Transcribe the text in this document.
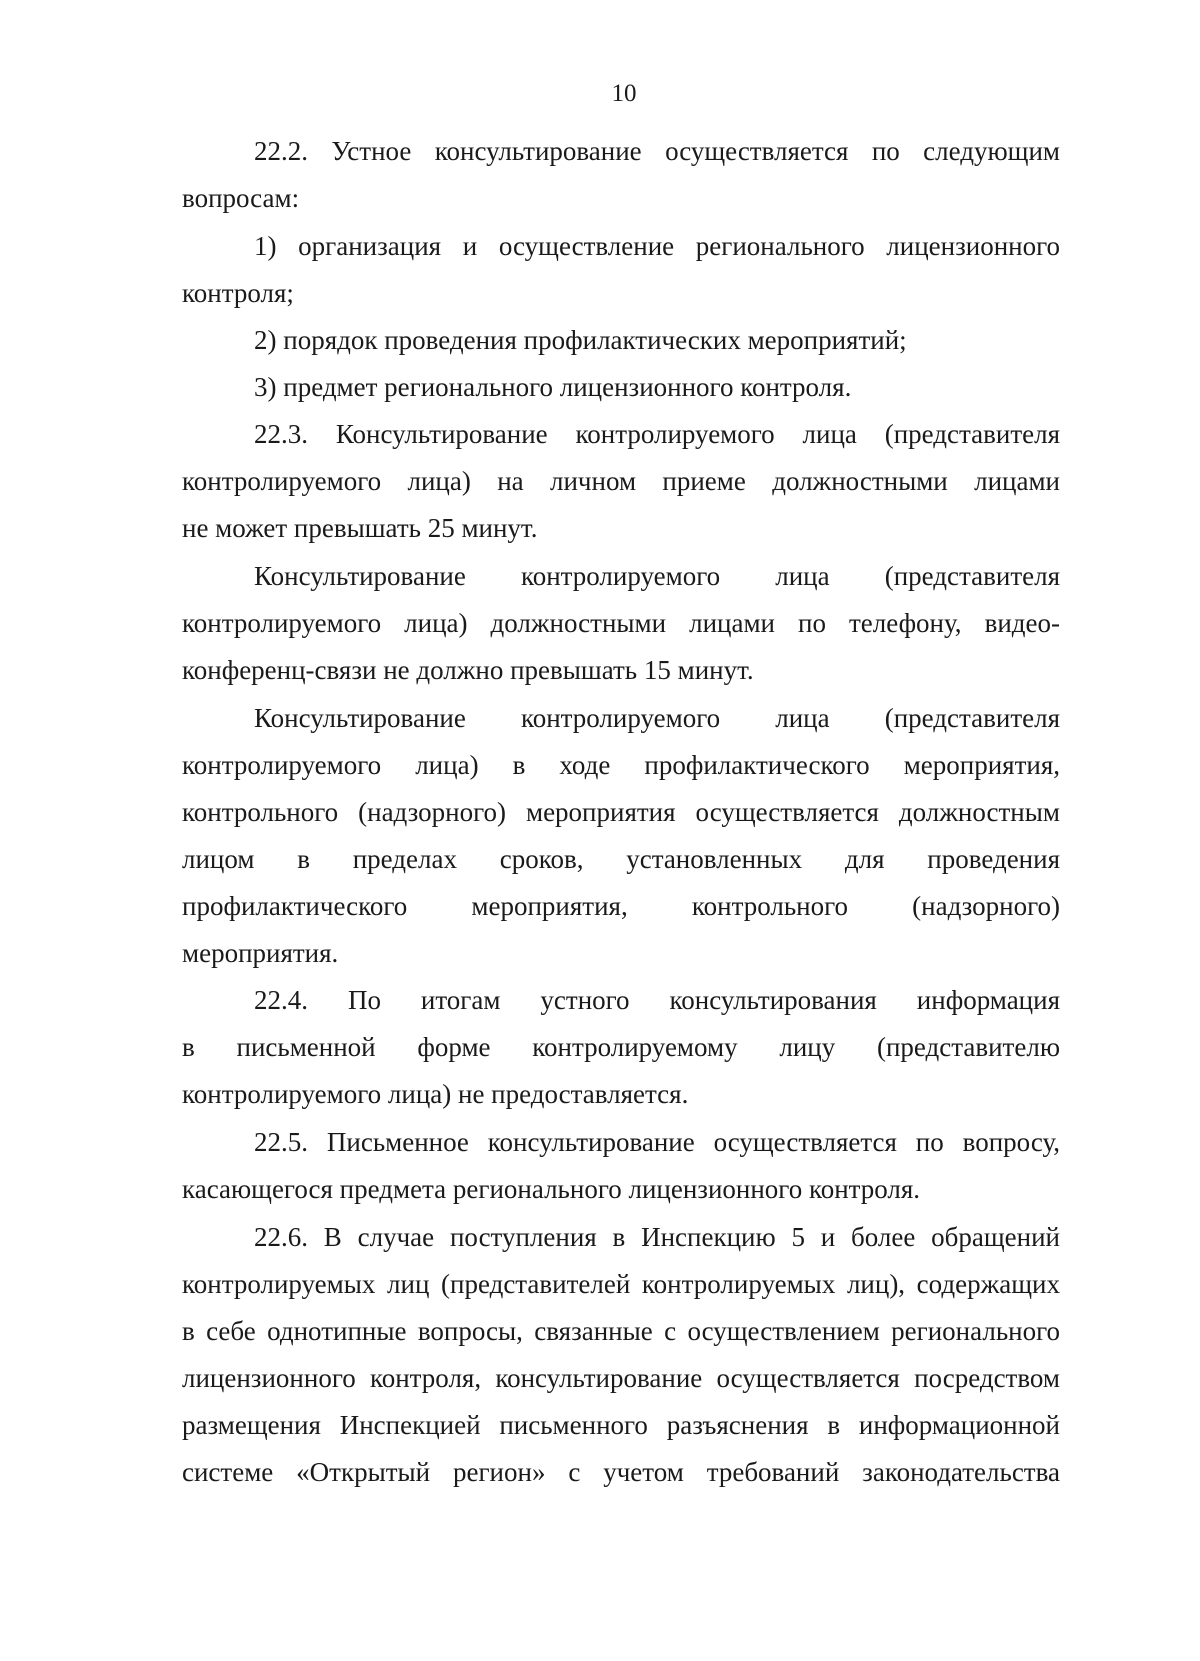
10
22.2. Устное консультирование осуществляется по следующим
вопросам:
1) организация и осуществление регионального лицензионного
контроля;
2) порядок проведения профилактических мероприятий;
3) предмет регионального лицензионного контроля.
22.3. Консультирование контролируемого лица (представителя
контролируемого лица) на личном приеме должностными лицами
не может превышать 25 минут.
Консультирование контролируемого лица (представителя
контролируемого лица) должностными лицами по телефону, видео-
конференц-связи не должно превышать 15 минут.
Консультирование контролируемого лица (представителя
контролируемого лица) в ходе профилактического мероприятия,
контрольного (надзорного) мероприятия осуществляется должностным
лицом в пределах сроков, установленных для проведения
профилактического мероприятия, контрольного (надзорного)
мероприятия.
22.4. По итогам устного консультирования информация
в письменной форме контролируемому лицу (представителю
контролируемого лица) не предоставляется.
22.5. Письменное консультирование осуществляется по вопросу,
касающегося предмета регионального лицензионного контроля.
22.6. В случае поступления в Инспекцию 5 и более обращений
контролируемых лиц (представителей контролируемых лиц), содержащих
в себе однотипные вопросы, связанные с осуществлением регионального
лицензионного контроля, консультирование осуществляется посредством
размещения Инспекцией письменного разъяснения в информационной
системе «Открытый регион» с учетом требований законодательства
